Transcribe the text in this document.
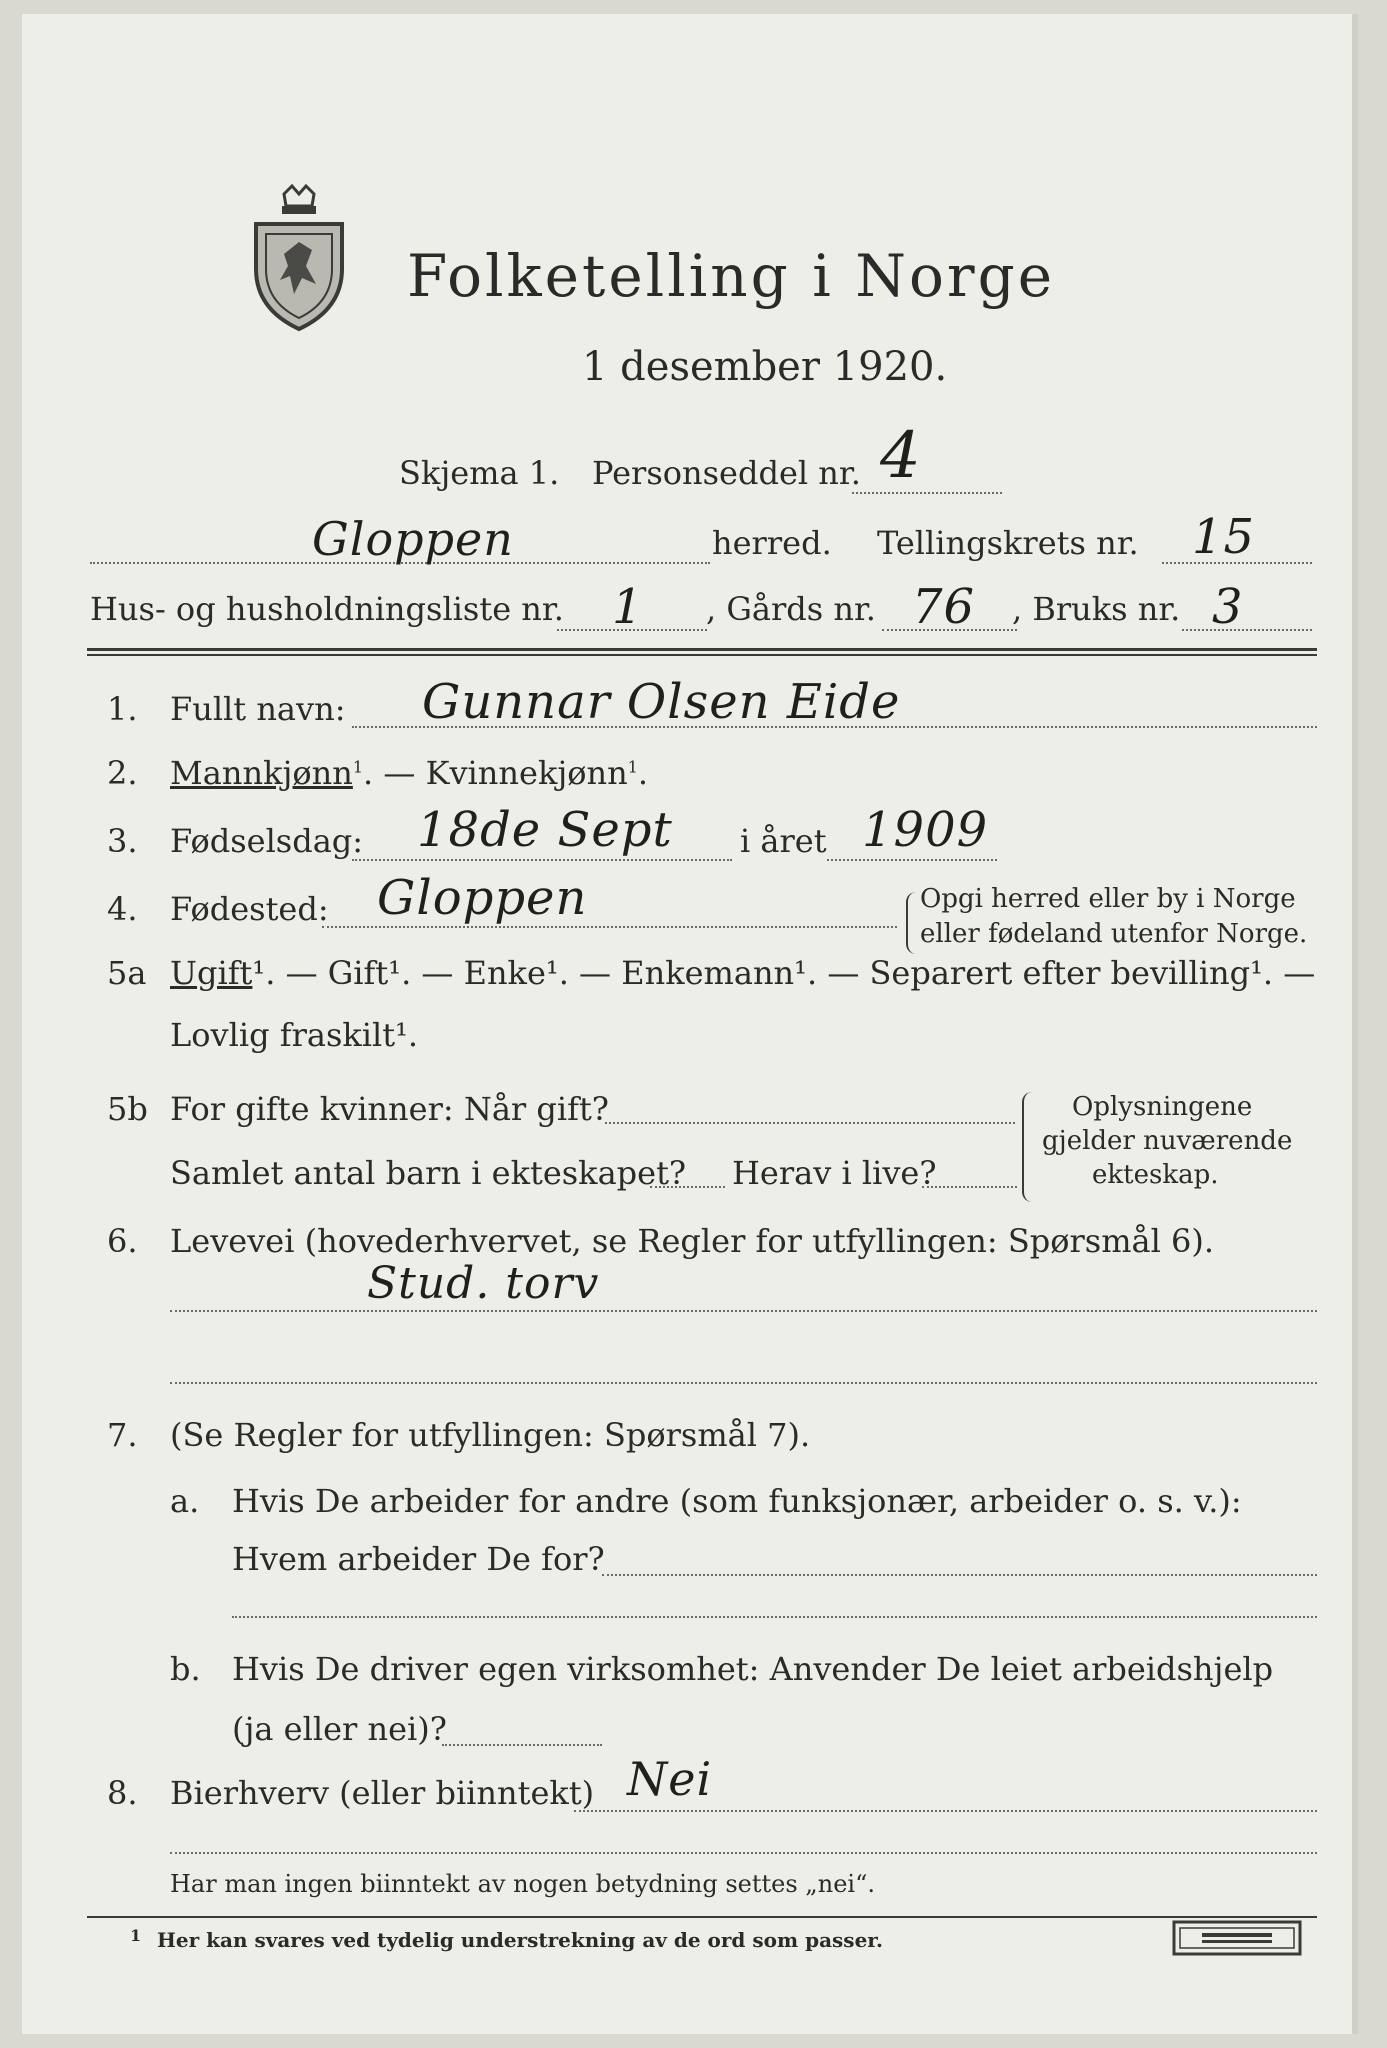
Folketelling i Norge
1 desember 1920.
Skjema 1. Personseddel nr. 4
Gloppen	herred. Tellingskrets nr. 15
Hus- og husholdningsliste nr. 1 , Gårds nr. 76 , Bruks nr. 3
1. Fullt navn: Gunnar Olsen Eide
2. Mannkjønn$^1$. — Kvinnekjønn$^1$.
3. Fødselsdag: 18de Sept i året 1909
4. Fødested: Gloppen	Opgi herred eller by i Norge
eller fødeland utenfor Norge.
5a Ugift¹. — Gift¹. — Enke¹. — Enkemann¹. — Separert efter bevilling¹. —
Lovlig fraskilt¹.
5b For gifte kvinner: Når gift?
Samlet antal barn i ekteskapet? Herav i live?
Oplysningene
gjelder nuværende
ekteskap.
6. Levevei (hovederhvervet, se Regler for utfyllingen: Spørsmål 6).
Stud. torv
7. (Se Regler for utfyllingen: Spørsmål 7).
a. Hvis De arbeider for andre (som funksjonær, arbeider o. s. v.):
Hvem arbeider De for?
b. Hvis De driver egen virksomhet: Anvender De leiet arbeidshjelp
(ja eller nei)?
8. Bierhverv (eller biinntekt) Nei
Har man ingen biinntekt av nogen betydning settes „nei“.
1 Her kan svares ved tydelig understrekning av de ord som passer.
